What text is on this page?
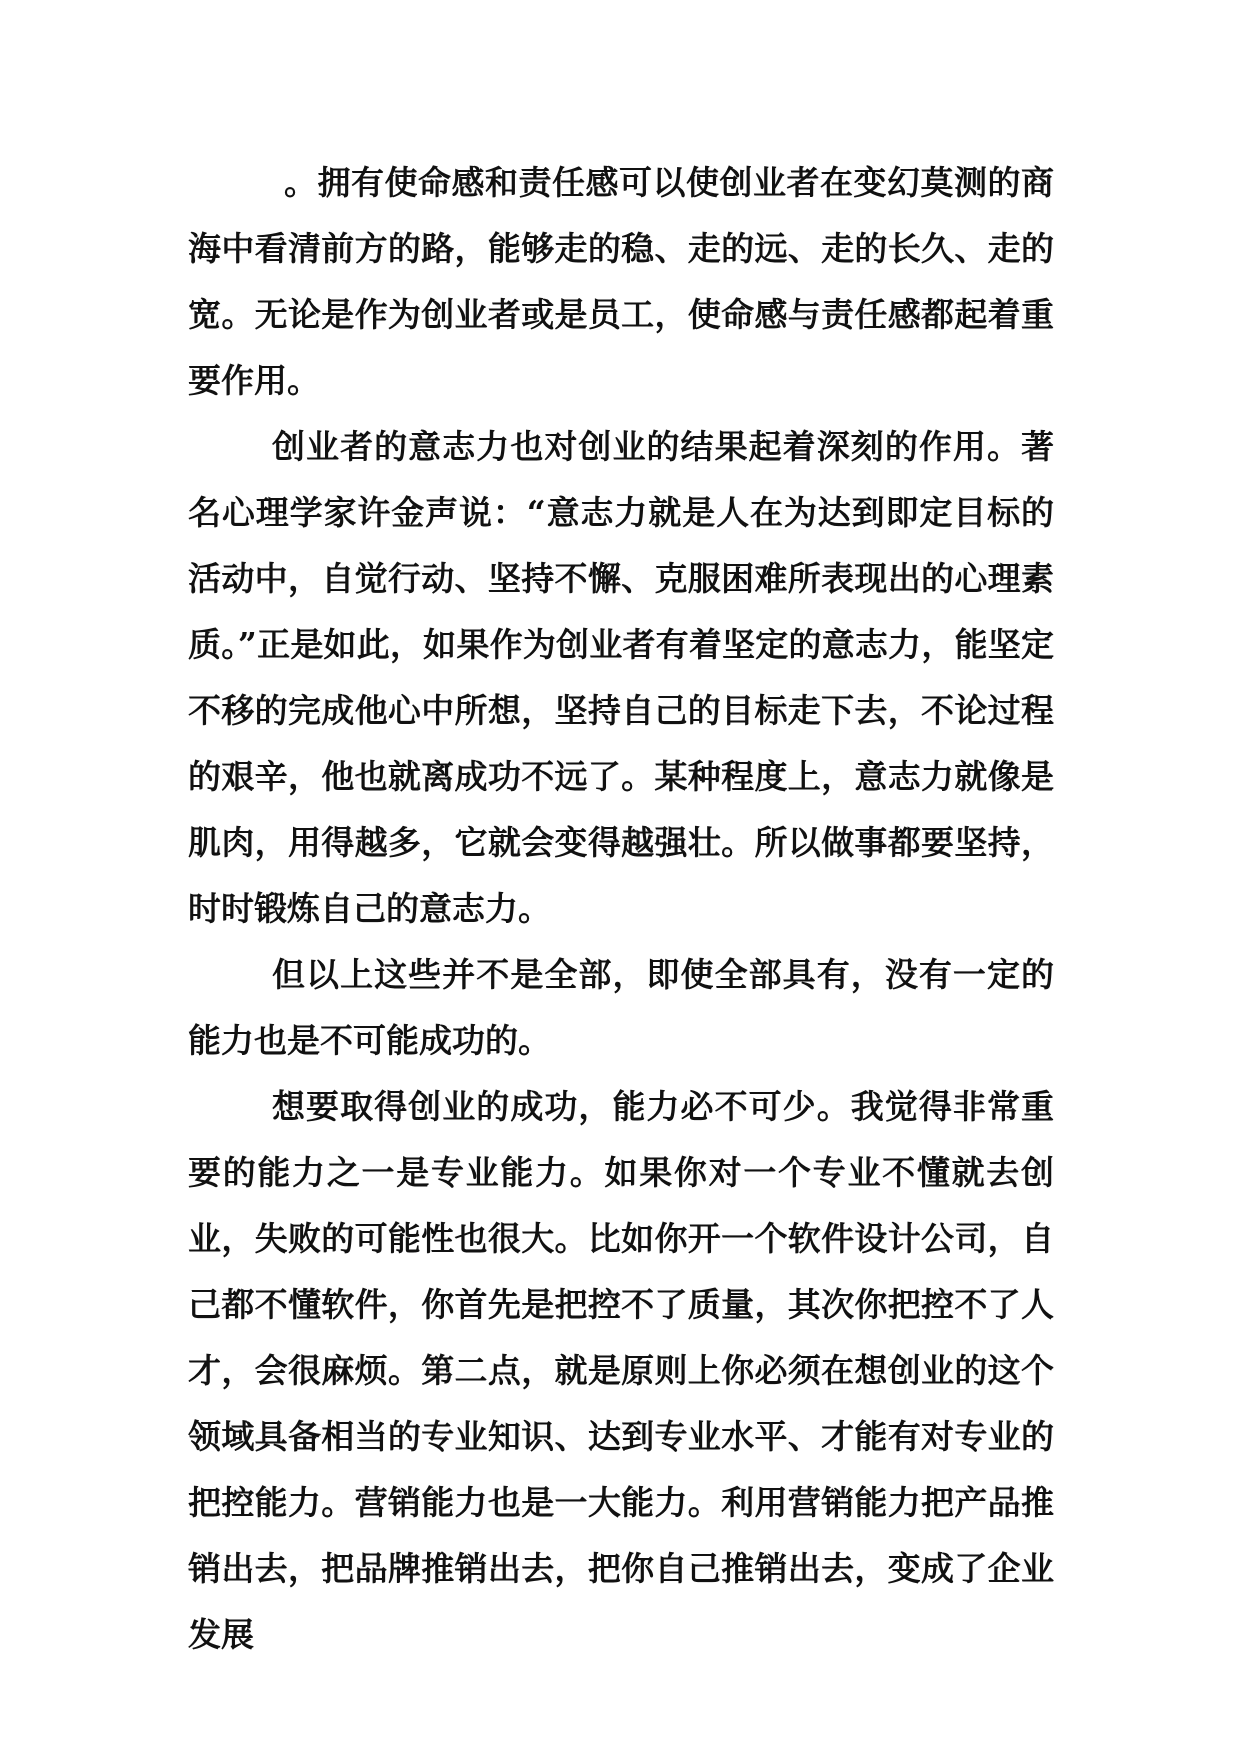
。拥有使命感和责任感可以使创业者在变幻莫测的商海中看清前方的路，能够走的稳、走的远、走的长久、走的宽。无论是作为创业者或是员工，使命感与责任感都起着重要作用。

创业者的意志力也对创业的结果起着深刻的作用。著名心理学家许金声说：“意志力就是人在为达到即定目标的活动中，自觉行动、坚持不懈、克服困难所表现出的心理素质。”正是如此，如果作为创业者有着坚定的意志力，能坚定不移的完成他心中所想，坚持自己的目标走下去，不论过程的艰辛，他也就离成功不远了。某种程度上，意志力就像是肌肉，用得越多，它就会变得越强壮。所以做事都要坚持，时时锻炼自己的意志力。

但以上这些并不是全部，即使全部具有，没有一定的能力也是不可能成功的。

想要取得创业的成功，能力必不可少。我觉得非常重要的能力之一是专业能力。如果你对一个专业不懂就去创业，失败的可能性也很大。比如你开一个软件设计公司，自己都不懂软件，你首先是把控不了质量，其次你把控不了人才，会很麻烦。第二点，就是原则上你必须在想创业的这个领域具备相当的专业知识、达到专业水平、才能有对专业的把控能力。营销能力也是一大能力。利用营销能力把产品推销出去，把品牌推销出去，把你自己推销出去，变成了企业发展
